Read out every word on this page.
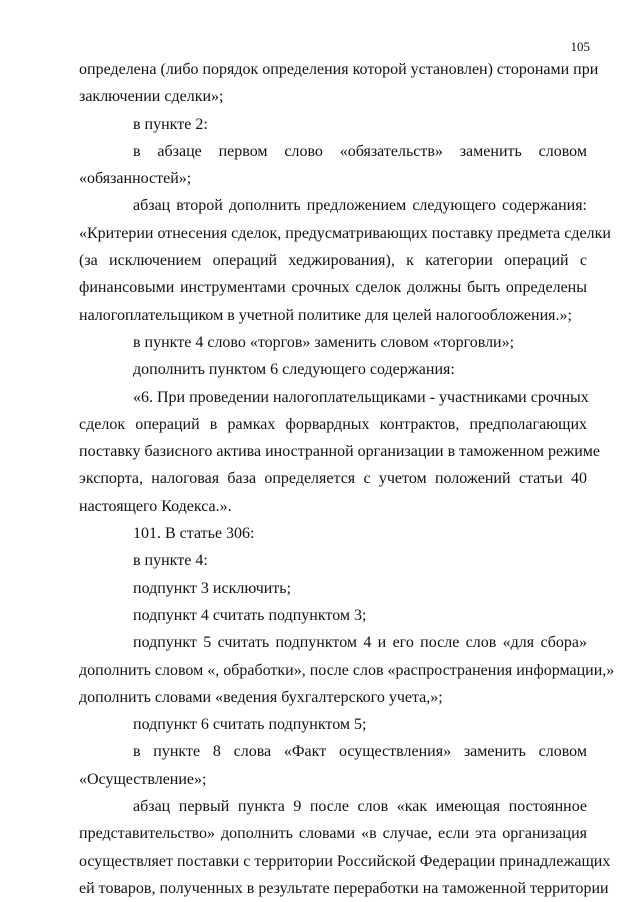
105
определена (либо порядок определения которой установлен) сторонами при
заключении сделки»;
в пункте 2:
в абзаце первом слово «обязательств» заменить словом
«обязанностей»;
абзац второй дополнить предложением следующего содержания:
«Критерии отнесения сделок, предусматривающих поставку предмета сделки
(за исключением операций хеджирования), к категории операций с
финансовыми инструментами срочных сделок должны быть определены
налогоплательщиком в учетной политике для целей налогообложения.»;
в пункте 4 слово «торгов» заменить словом «торговли»;
дополнить пунктом 6 следующего содержания:
«6. При проведении налогоплательщиками - участниками срочных
сделок операций в рамках форвардных контрактов, предполагающих
поставку базисного актива иностранной организации в таможенном режиме
экспорта, налоговая база определяется с учетом положений статьи 40
настоящего Кодекса.».
101. В статье 306:
в пункте 4:
подпункт 3 исключить;
подпункт 4 считать подпунктом 3;
подпункт 5 считать подпунктом 4 и его после слов «для сбора»
дополнить словом «, обработки», после слов «распространения информации,»
дополнить словами «ведения бухгалтерского учета,»;
подпункт 6 считать подпунктом 5;
в пункте 8 слова «Факт осуществления» заменить словом
«Осуществление»;
абзац первый пункта 9 после слов «как имеющая постоянное
представительство» дополнить словами «в случае, если эта организация
осуществляет поставки с территории Российской Федерации принадлежащих
ей товаров, полученных в результате переработки на таможенной территории
